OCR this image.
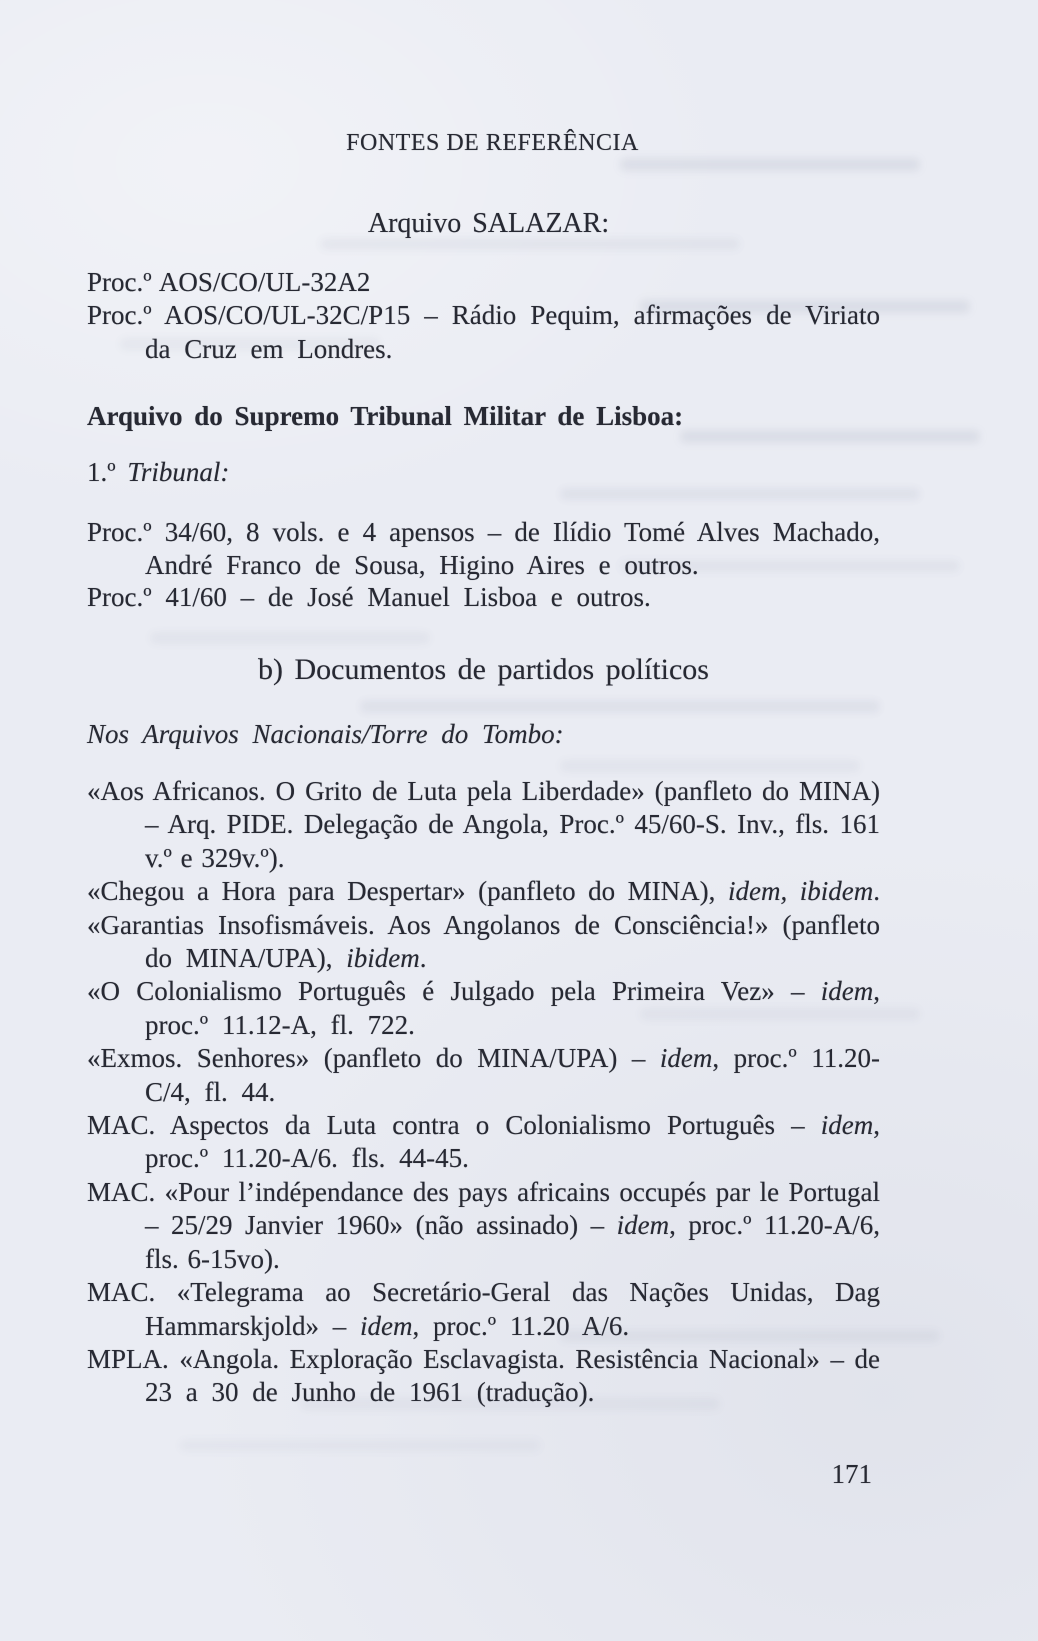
FONTES DE REFERÊNCIA
Arquivo SALAZAR:
Proc.º AOS/CO/UL-32A2
Proc.º AOS/CO/UL-32C/P15 – Rádio Pequim, afirmações de Viriato
da Cruz em Londres.
Arquivo do Supremo Tribunal Militar de Lisboa:
1.º Tribunal:
Proc.º 34/60, 8 vols. e 4 apensos – de Ilídio Tomé Alves Machado,
André Franco de Sousa, Higino Aires e outros.
Proc.º 41/60 – de José Manuel Lisboa e outros.
b) Documentos de partidos políticos
Nos Arquivos Nacionais/Torre do Tombo:
«Aos Africanos. O Grito de Luta pela Liberdade» (panfleto do MINA)
– Arq. PIDE. Delegação de Angola, Proc.º 45/60-S. Inv., fls. 161
v.º e 329v.º).
«Chegou a Hora para Despertar» (panfleto do MINA), idem, ibidem.
«Garantias Insofismáveis. Aos Angolanos de Consciência!» (panfleto
do MINA/UPA), ibidem.
«O Colonialismo Português é Julgado pela Primeira Vez» – idem,
proc.º 11.12-A, fl. 722.
«Exmos. Senhores» (panfleto do MINA/UPA) – idem, proc.º 11.20-
C/4, fl. 44.
MAC. Aspectos da Luta contra o Colonialismo Português – idem,
proc.º 11.20-A/6. fls. 44-45.
MAC. «Pour l’indépendance des pays africains occupés par le Portugal
– 25/29 Janvier 1960» (não assinado) – idem, proc.º 11.20-A/6,
fls. 6-15vo).
MAC. «Telegrama ao Secretário-Geral das Nações Unidas, Dag
Hammarskjold» – idem, proc.º 11.20 A/6.
MPLA. «Angola. Exploração Esclavagista. Resistência Nacional» – de
23 a 30 de Junho de 1961 (tradução).
171
